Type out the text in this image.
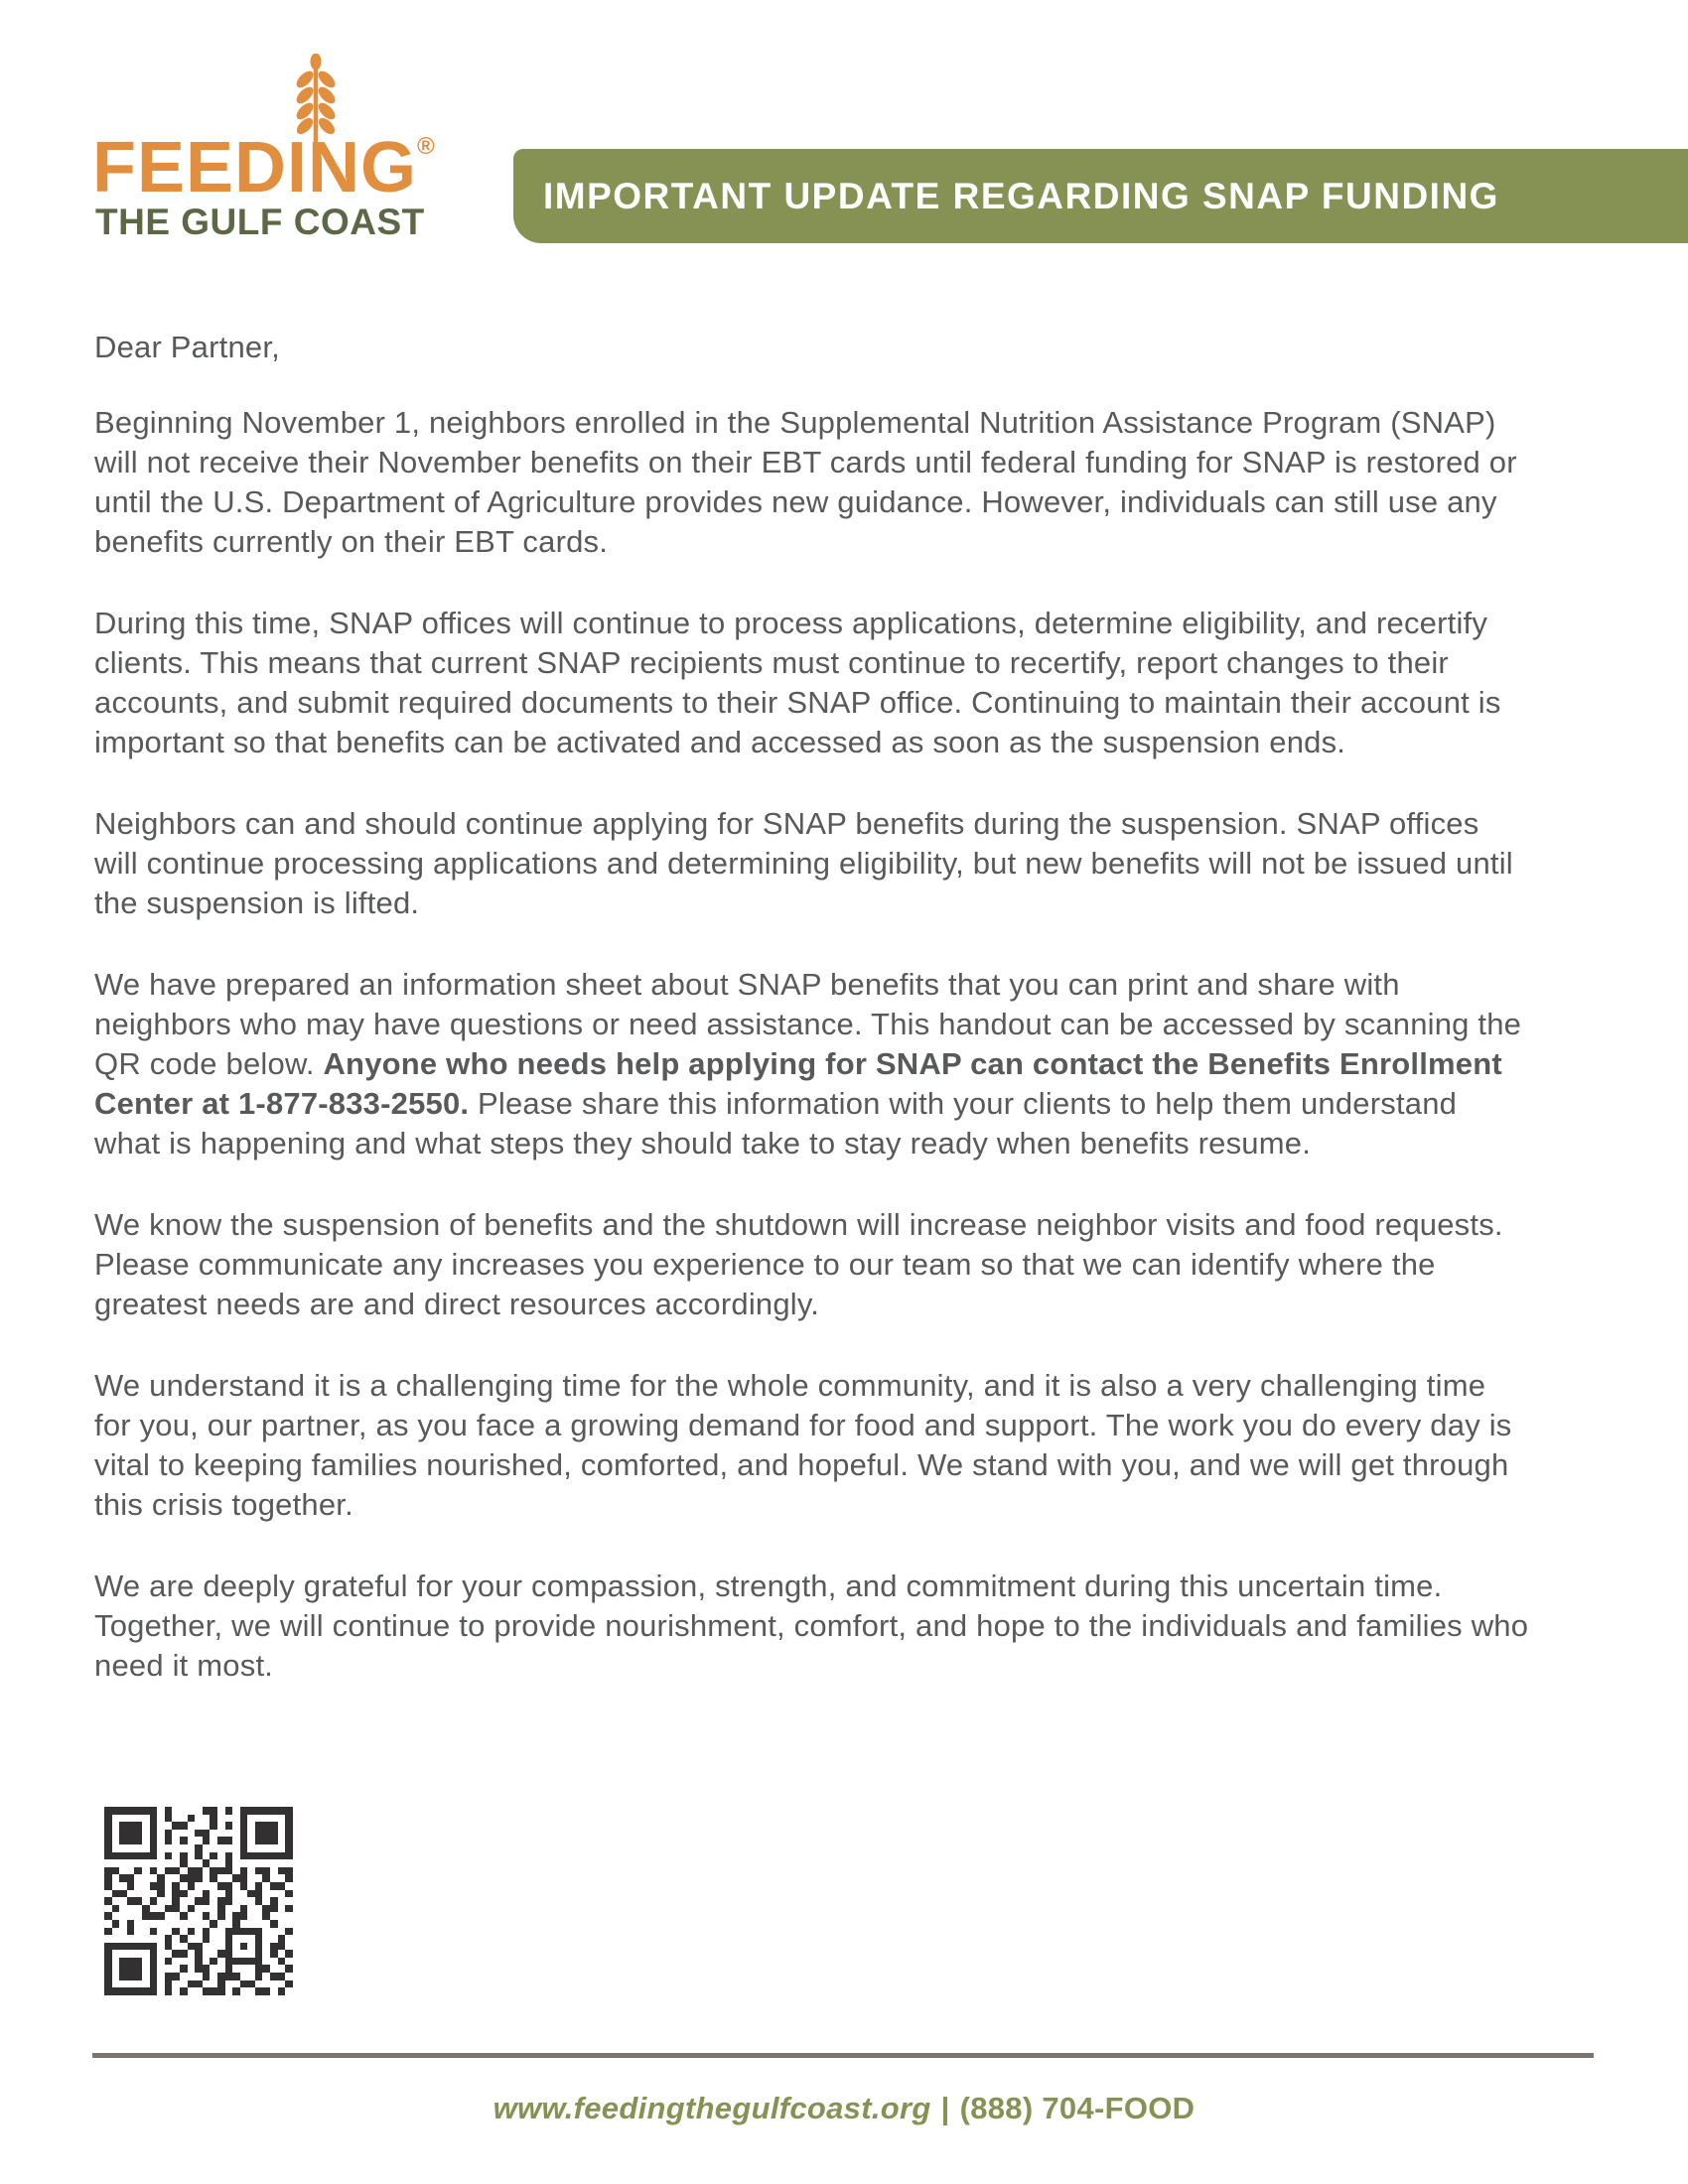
FEEDING®
THE GULF COAST
IMPORTANT UPDATE REGARDING SNAP FUNDING

Dear Partner,

Beginning November 1, neighbors enrolled in the Supplemental Nutrition Assistance Program (SNAP) will not receive their November benefits on their EBT cards until federal funding for SNAP is restored or until the U.S. Department of Agriculture provides new guidance. However, individuals can still use any benefits currently on their EBT cards.

During this time, SNAP offices will continue to process applications, determine eligibility, and recertify clients. This means that current SNAP recipients must continue to recertify, report changes to their accounts, and submit required documents to their SNAP office. Continuing to maintain their account is important so that benefits can be activated and accessed as soon as the suspension ends.

Neighbors can and should continue applying for SNAP benefits during the suspension. SNAP offices will continue processing applications and determining eligibility, but new benefits will not be issued until the suspension is lifted.

We have prepared an information sheet about SNAP benefits that you can print and share with neighbors who may have questions or need assistance. This handout can be accessed by scanning the QR code below. Anyone who needs help applying for SNAP can contact the Benefits Enrollment Center at 1-877-833-2550. Please share this information with your clients to help them understand what is happening and what steps they should take to stay ready when benefits resume.

We know the suspension of benefits and the shutdown will increase neighbor visits and food requests. Please communicate any increases you experience to our team so that we can identify where the greatest needs are and direct resources accordingly.

We understand it is a challenging time for the whole community, and it is also a very challenging time for you, our partner, as you face a growing demand for food and support. The work you do every day is vital to keeping families nourished, comforted, and hopeful. We stand with you, and we will get through this crisis together.

We are deeply grateful for your compassion, strength, and commitment during this uncertain time. Together, we will continue to provide nourishment, comfort, and hope to the individuals and families who need it most.

www.feedingthegulfcoast.org | (888) 704-FOOD
